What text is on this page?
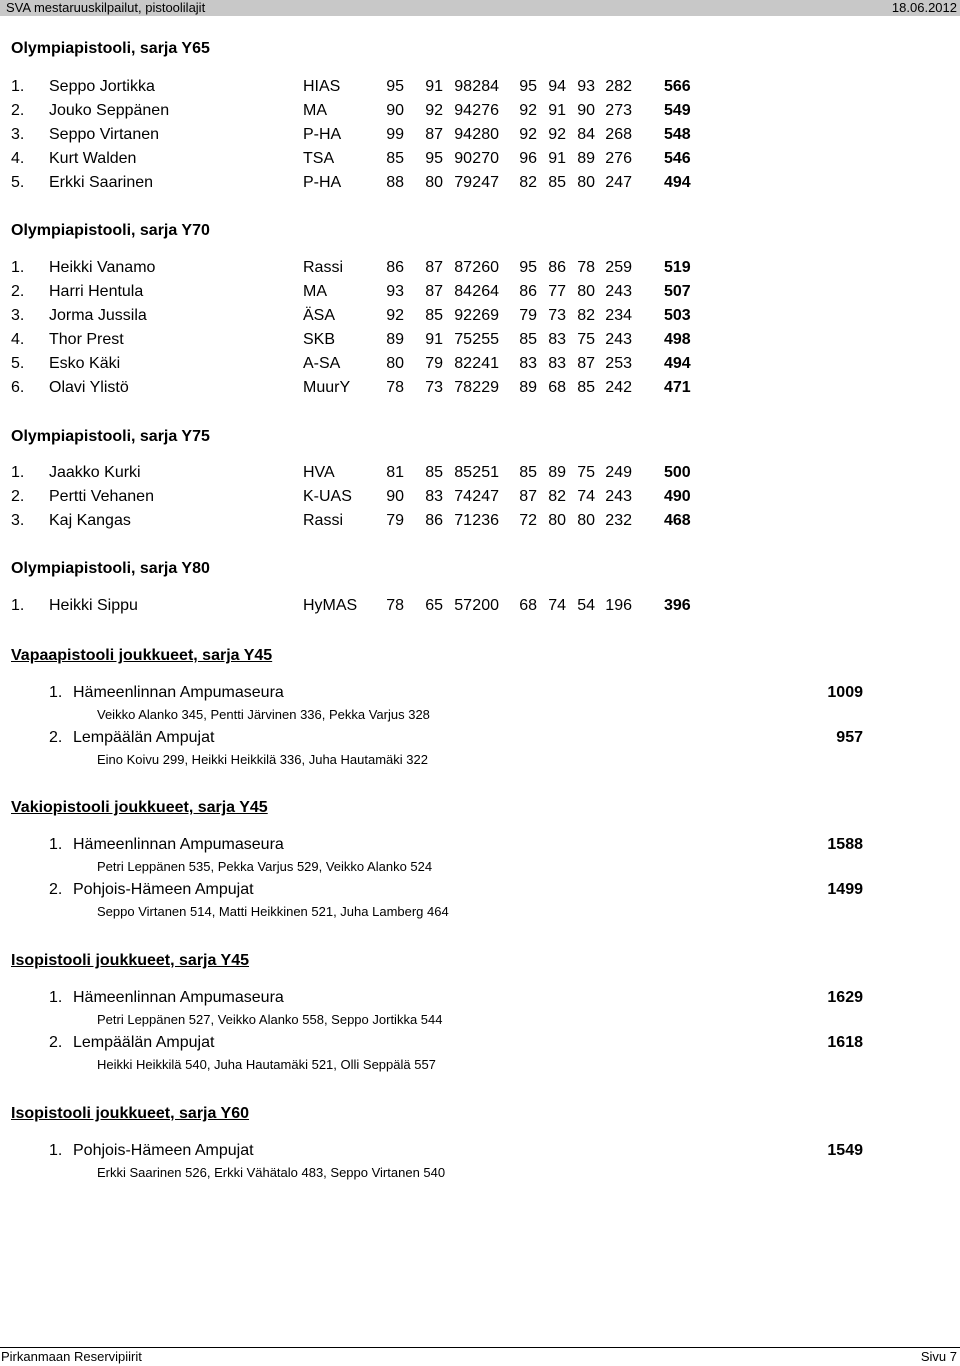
SVA mestaruuskilpailut, pistoolilajit	18.06.2012
Olympiapistooli, sarja Y65
1. Seppo Jortikka	HIAS	95	91 98 284	95 94 93 282 566
2. Jouko Seppänen	MA	90	92 94 276	92 91 90 273 549
3. Seppo Virtanen	P-HA	99	87 94 280	92 92 84 268 548
4. Kurt Walden	TSA	85	95 90 270	96 91 89 276 546
5. Erkki Saarinen	P-HA	88	80 79 247	82 85 80 247 494
Olympiapistooli, sarja Y70
1. Heikki Vanamo	Rassi	86	87 87 260	95 86 78 259 519
2. Harri Hentula	MA	93	87 84 264	86 77 80 243 507
3. Jorma Jussila	ÄSA	92	85 92 269	79 73 82 234 503
4. Thor Prest	SKB	89	91 75 255	85 83 75 243 498
5. Esko Käki	A-SA	80	79 82 241	83 83 87 253 494
6. Olavi Ylistö	MuurY	78	73 78 229	89 68 85 242 471
Olympiapistooli, sarja Y75
1. Jaakko Kurki	HVA	81	85 85 251	85 89 75 249 500
2. Pertti Vehanen	K-UAS	90	83 74 247	87 82 74 243 490
3. Kaj Kangas	Rassi	79	86 71 236	72 80 80 232 468
Olympiapistooli, sarja Y80
1. Heikki Sippu	HyMAS	78	65 57 200	68 74 54 196 396
Vapaapistooli joukkueet, sarja Y45
1. Hämeenlinnan Ampumaseura	1009
Veikko Alanko 345, Pentti Järvinen 336, Pekka Varjus 328
2. Lempäälän Ampujat	957
Eino Koivu 299, Heikki Heikkilä 336, Juha Hautamäki 322
Vakiopistooli joukkueet, sarja Y45
1. Hämeenlinnan Ampumaseura	1588
Petri Leppänen 535, Pekka Varjus 529, Veikko Alanko 524
2. Pohjois-Hämeen Ampujat	1499
Seppo Virtanen 514, Matti Heikkinen 521, Juha Lamberg 464
Isopistooli joukkueet, sarja Y45
1. Hämeenlinnan Ampumaseura	1629
Petri Leppänen 527, Veikko Alanko 558, Seppo Jortikka 544
2. Lempäälän Ampujat	1618
Heikki Heikkilä 540, Juha Hautamäki 521, Olli Seppälä 557
Isopistooli joukkueet, sarja Y60
1. Pohjois-Hämeen Ampujat	1549
Erkki Saarinen 526, Erkki Vähätalo 483, Seppo Virtanen 540
Pirkanmaan Reservipiirit	Sivu 7
